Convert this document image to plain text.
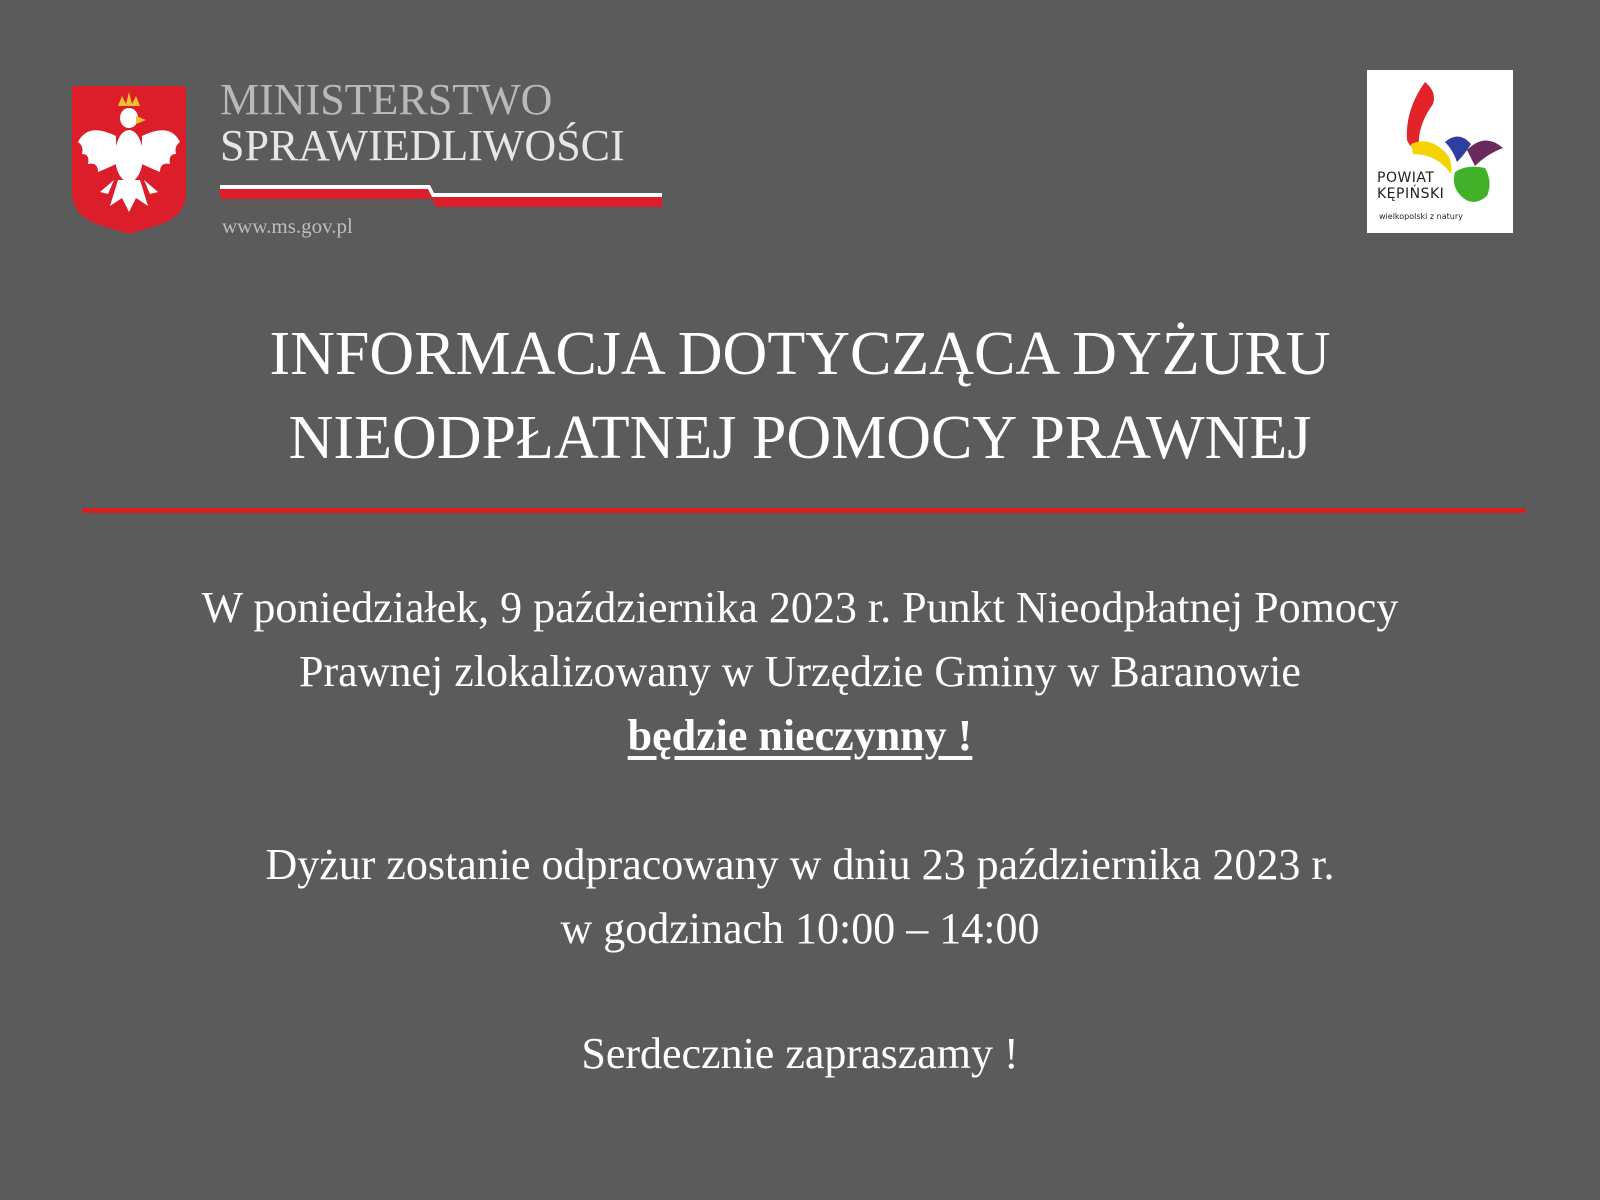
MINISTERSTWO
SPRAWIEDLIWOŚCI
www.ms.gov.pl
POWIAT
KĘPIŃSKI
wielkopolski z natury
INFORMACJA DOTYCZĄCA DYŻURU
NIEODPŁATNEJ POMOCY PRAWNEJ

W poniedziałek, 9 października 2023 r. Punkt Nieodpłatnej Pomocy

Prawnej zlokalizowany w Urzędzie Gminy w Baranowie

będzie nieczynny !

Dyżur zostanie odpracowany w dniu 23 października 2023 r.

w godzinach 10:00 – 14:00

Serdecznie zapraszamy !
